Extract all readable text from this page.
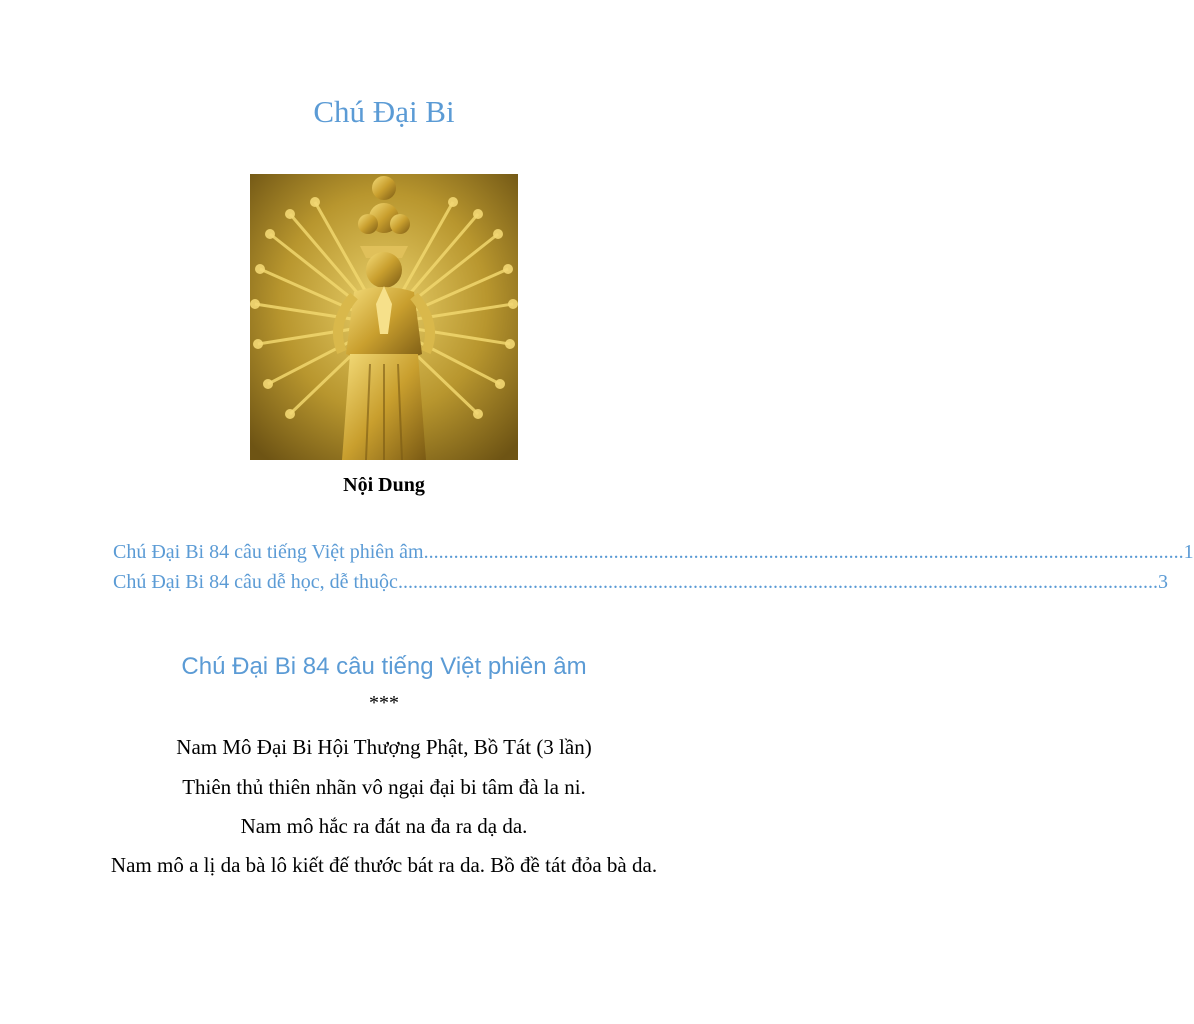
Chú Đại Bi
Nội Dung
Chú Đại Bi 84 câu tiếng Việt phiên âm ........................................................................................................................................................ 1
Chú Đại Bi 84 câu dễ học, dễ thuộc ........................................................................................................................................................ 3
Chú Đại Bi 84 câu tiếng Việt phiên âm
***
Nam Mô Đại Bi Hội Thượng Phật, Bồ Tát (3 lần)
Thiên thủ thiên nhãn vô ngại đại bi tâm đà la ni.
Nam mô hắc ra đát na đa ra dạ da.
Nam mô a lị da bà lô kiết đế thước bát ra da. Bồ đề tát đỏa bà da.
